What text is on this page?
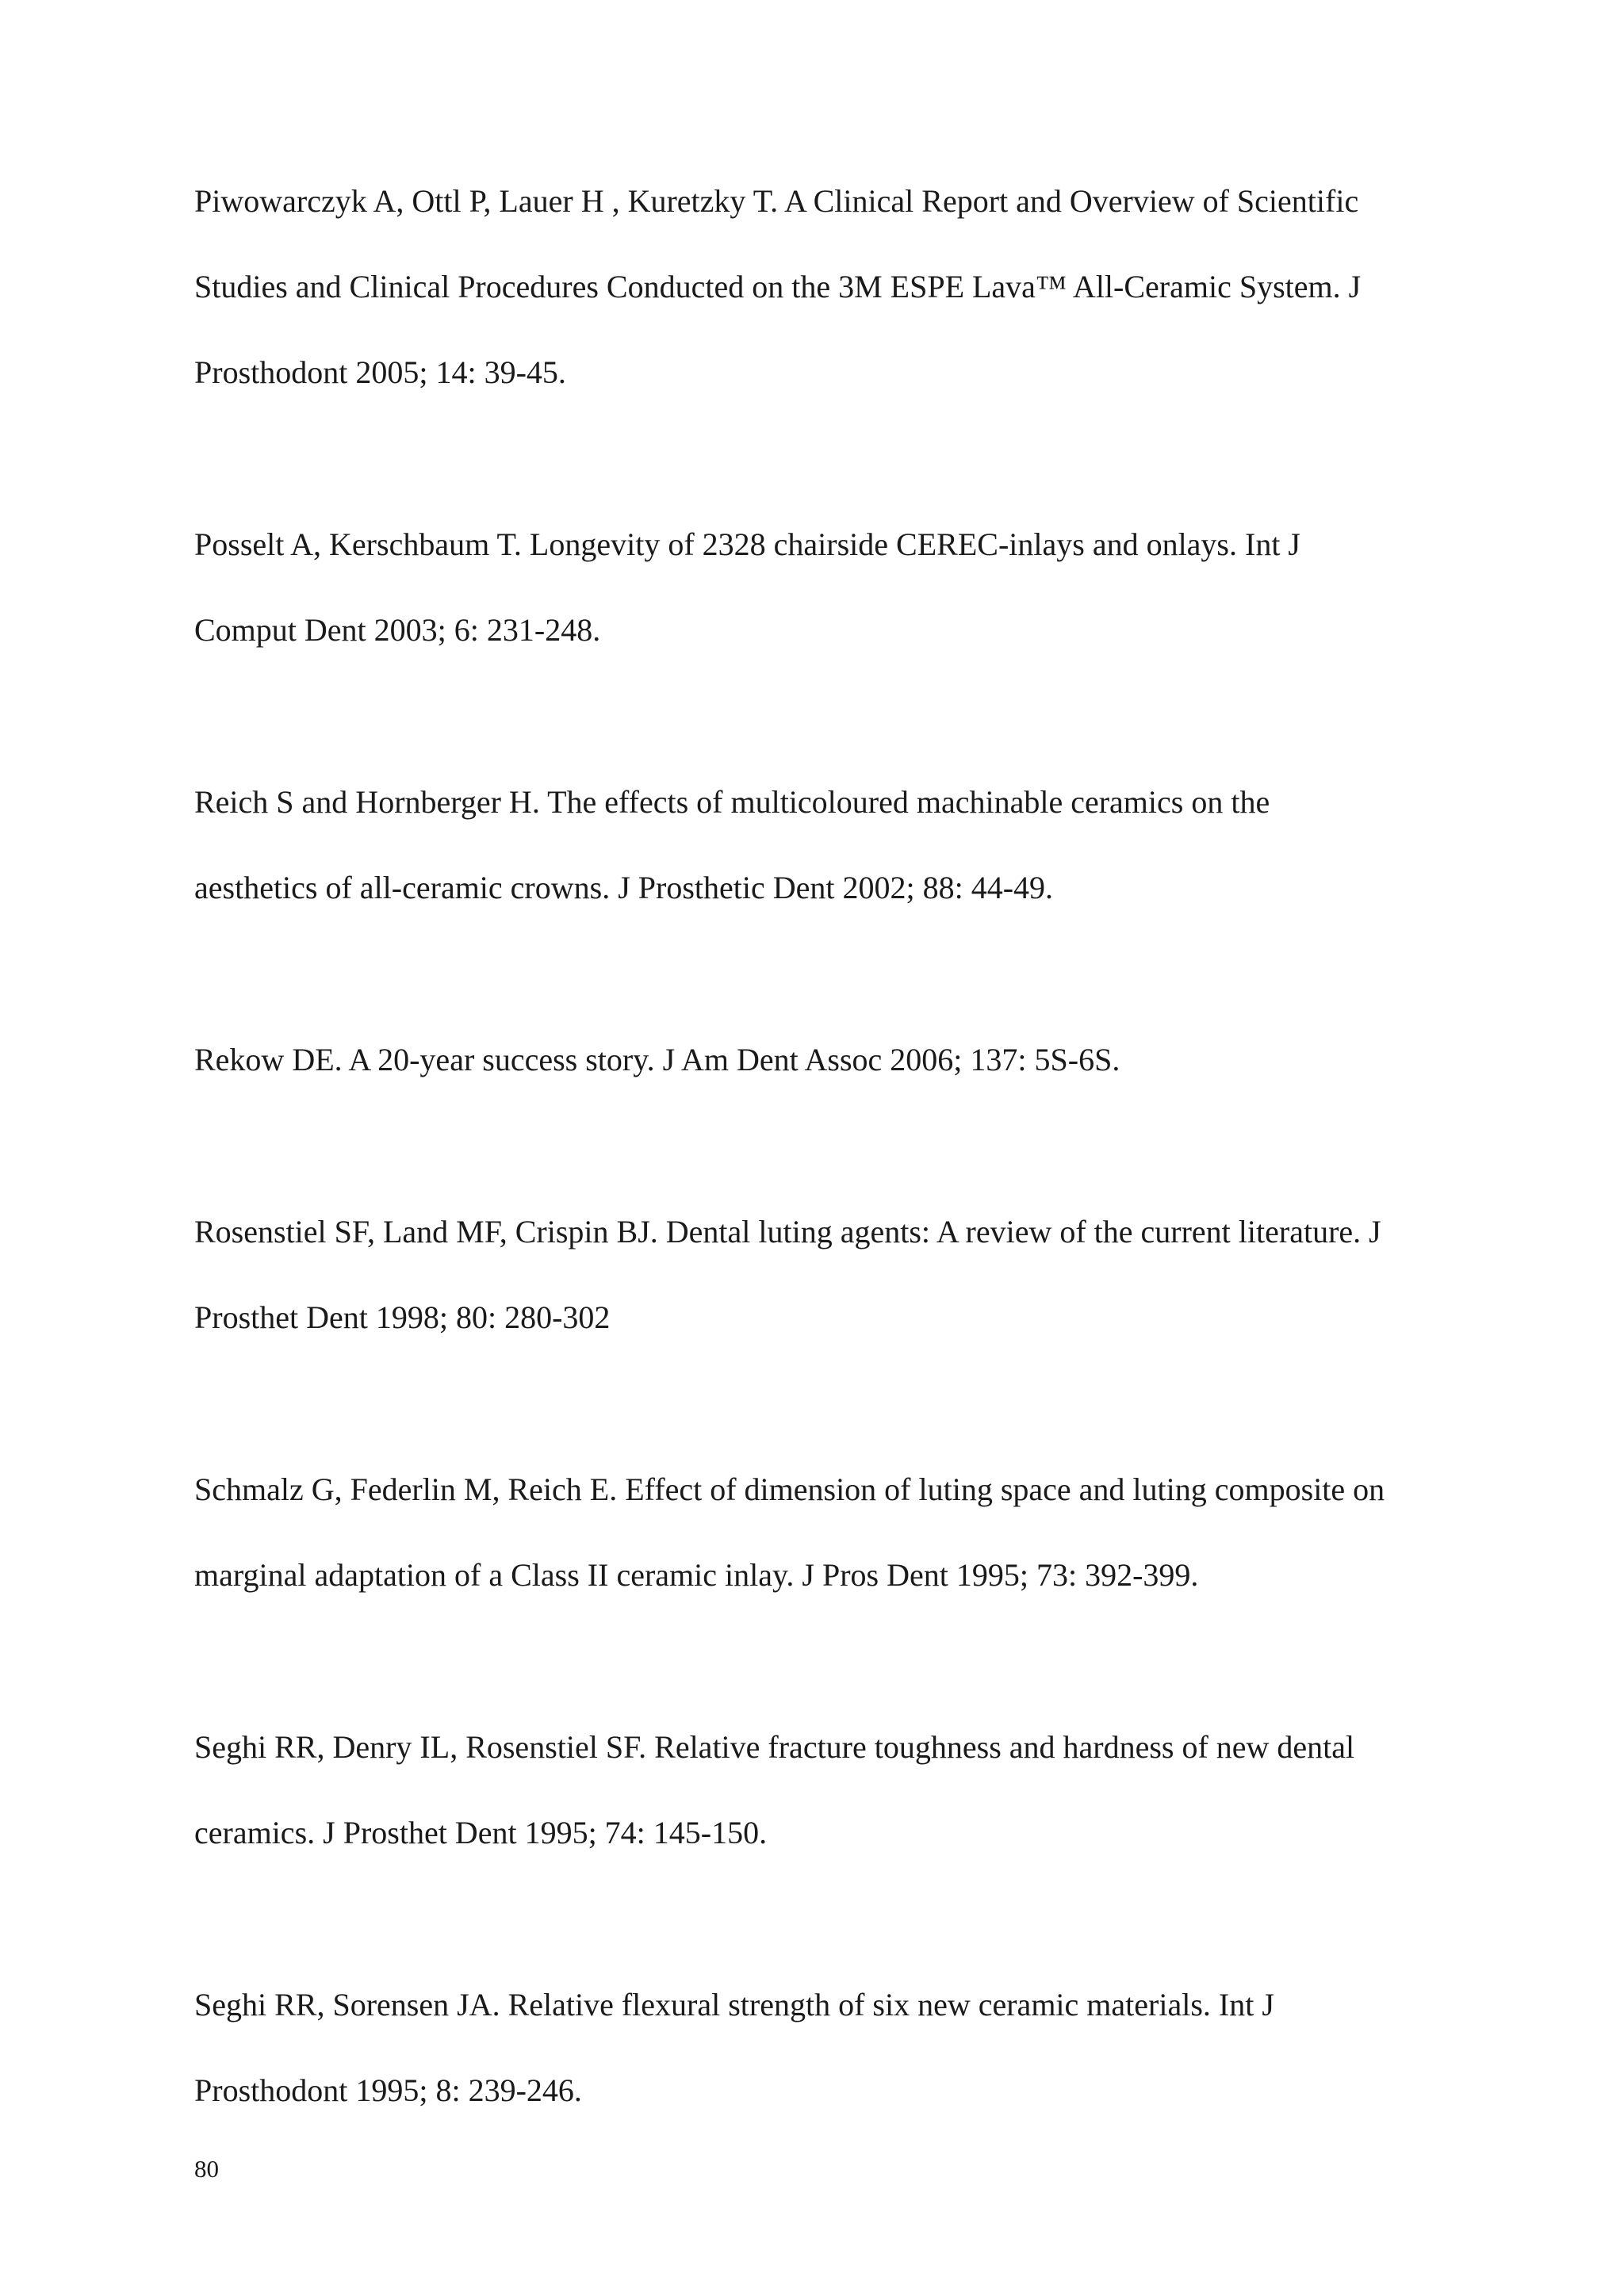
Piwowarczyk A, Ottl P, Lauer H , Kuretzky T. A Clinical Report and Overview of Scientific
Studies and Clinical Procedures Conducted on the 3M ESPE Lava™ All-Ceramic System. J
Prosthodont 2005; 14: 39-45.
Posselt A, Kerschbaum T. Longevity of 2328 chairside CEREC-inlays and onlays. Int J
Comput Dent 2003; 6: 231-248.
Reich S and Hornberger H. The effects of multicoloured machinable ceramics on the
aesthetics of all-ceramic crowns. J Prosthetic Dent 2002; 88: 44-49.
Rekow DE. A 20-year success story. J Am Dent Assoc 2006; 137: 5S-6S.
Rosenstiel SF, Land MF, Crispin BJ. Dental luting agents: A review of the current literature. J
Prosthet Dent 1998; 80: 280-302
Schmalz G, Federlin M, Reich E. Effect of dimension of luting space and luting composite on
marginal adaptation of a Class II ceramic inlay. J Pros Dent 1995; 73: 392-399.
Seghi RR, Denry IL, Rosenstiel SF. Relative fracture toughness and hardness of new dental
ceramics. J Prosthet Dent 1995; 74: 145-150.
Seghi RR, Sorensen JA. Relative flexural strength of six new ceramic materials. Int J
Prosthodont 1995; 8: 239-246.
80
